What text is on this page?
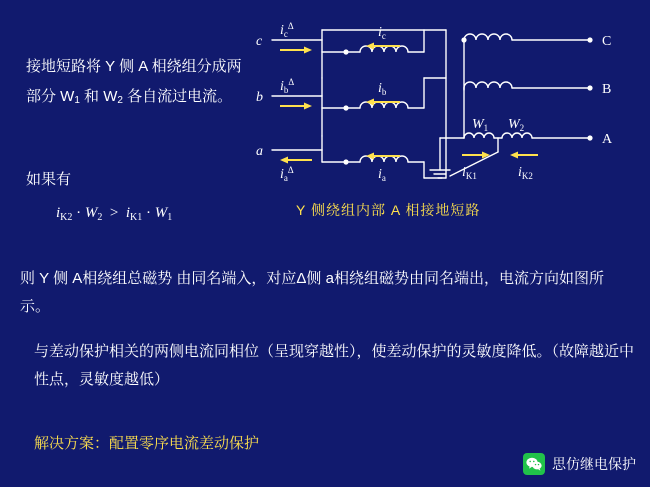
接地短路将 Y 侧 A 相绕组分成两部分 $W_1$ 和 $W_2$ 各自流过电流。
如果有
$i_{K2} \cdot W_2 > i_{K1} \cdot W_1$
则 Y 侧 A相绕组总磁势 由同名端入，对应Δ侧 a相绕组磁势由同名端出，电流方向如图所示。
与差动保护相关的两侧电流同相位（呈现穿越性），使差动保护的灵敏度降低。（故障越近中性点，灵敏度越低）
解决方案：配置零序电流差动保护
Y 侧绕组内部 A 相接地短路
c
b
a
$i_c^\Delta$
$i_b^\Delta$
$i_a^\Delta$
$i_c$
$i_b$
$i_a$
C
B
A
$W_1$ $W_2$
$i_{K1}$	$i_{K2}$
思仿继电保护
